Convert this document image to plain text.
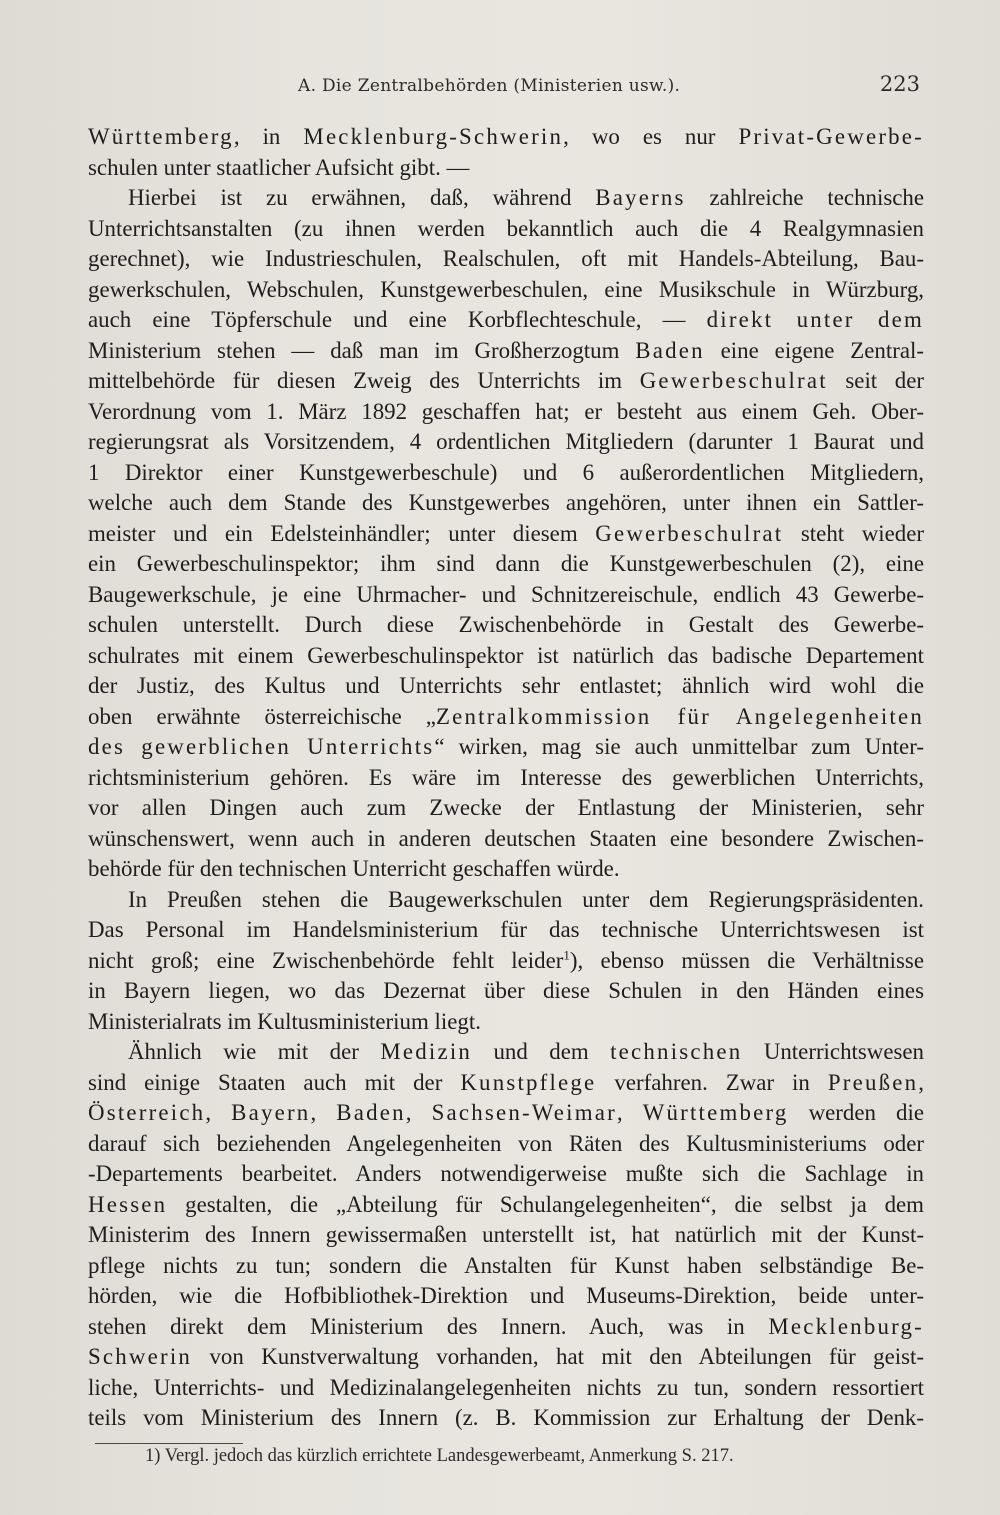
A. Die Zentralbehörden (Ministerien usw.).	223
Württemberg, in Mecklenburg-Schwerin, wo es nur Privat-Gewerbe-
schulen unter staatlicher Aufsicht gibt. —
Hierbei ist zu erwähnen, daß, während Bayerns zahlreiche technische
Unterrichtsanstalten (zu ihnen werden bekanntlich auch die 4 Realgymnasien
gerechnet), wie Industrieschulen, Realschulen, oft mit Handels-Abteilung, Bau-
gewerkschulen, Webschulen, Kunstgewerbeschulen, eine Musikschule in Würzburg,
auch eine Töpferschule und eine Korbflechteschule, — direkt unter dem
Ministerium stehen — daß man im Großherzogtum Baden eine eigene Zentral-
mittelbehörde für diesen Zweig des Unterrichts im Gewerbeschulrat seit der
Verordnung vom 1. März 1892 geschaffen hat; er besteht aus einem Geh. Ober-
regierungsrat als Vorsitzendem, 4 ordentlichen Mitgliedern (darunter 1 Baurat und
1 Direktor einer Kunstgewerbeschule) und 6 außerordentlichen Mitgliedern,
welche auch dem Stande des Kunstgewerbes angehören, unter ihnen ein Sattler-
meister und ein Edelsteinhändler; unter diesem Gewerbeschulrat steht wieder
ein Gewerbeschulinspektor; ihm sind dann die Kunstgewerbeschulen (2), eine
Baugewerkschule, je eine Uhrmacher- und Schnitzereischule, endlich 43 Gewerbe-
schulen unterstellt. Durch diese Zwischenbehörde in Gestalt des Gewerbe-
schulrates mit einem Gewerbeschulinspektor ist natürlich das badische Departement
der Justiz, des Kultus und Unterrichts sehr entlastet; ähnlich wird wohl die
oben erwähnte österreichische „Zentralkommission für Angelegenheiten
des gewerblichen Unterrichts“ wirken, mag sie auch unmittelbar zum Unter-
richtsministerium gehören. Es wäre im Interesse des gewerblichen Unterrichts,
vor allen Dingen auch zum Zwecke der Entlastung der Ministerien, sehr
wünschenswert, wenn auch in anderen deutschen Staaten eine besondere Zwischen-
behörde für den technischen Unterricht geschaffen würde.
In Preußen stehen die Baugewerkschulen unter dem Regierungspräsidenten.
Das Personal im Handelsministerium für das technische Unterrichtswesen ist
nicht groß; eine Zwischenbehörde fehlt leider$^1$), ebenso müssen die Verhältnisse
in Bayern liegen, wo das Dezernat über diese Schulen in den Händen eines
Ministerialrats im Kultusministerium liegt.
Ähnlich wie mit der Medizin und dem technischen Unterrichtswesen
sind einige Staaten auch mit der Kunstpflege verfahren. Zwar in Preußen,
Österreich, Bayern, Baden, Sachsen-Weimar, Württemberg werden die
darauf sich beziehenden Angelegenheiten von Räten des Kultusministeriums oder
-Departements bearbeitet. Anders notwendigerweise mußte sich die Sachlage in
Hessen gestalten, die „Abteilung für Schulangelegenheiten“, die selbst ja dem
Ministerim des Innern gewissermaßen unterstellt ist, hat natürlich mit der Kunst-
pflege nichts zu tun; sondern die Anstalten für Kunst haben selbständige Be-
hörden, wie die Hofbibliothek-Direktion und Museums-Direktion, beide unter-
stehen direkt dem Ministerium des Innern. Auch, was in Mecklenburg-
Schwerin von Kunstverwaltung vorhanden, hat mit den Abteilungen für geist-
liche, Unterrichts- und Medizinalangelegenheiten nichts zu tun, sondern ressortiert
teils vom Ministerium des Innern (z. B. Kommission zur Erhaltung der Denk-
1) Vergl. jedoch das kürzlich errichtete Landesgewerbeamt, Anmerkung S. 217.
